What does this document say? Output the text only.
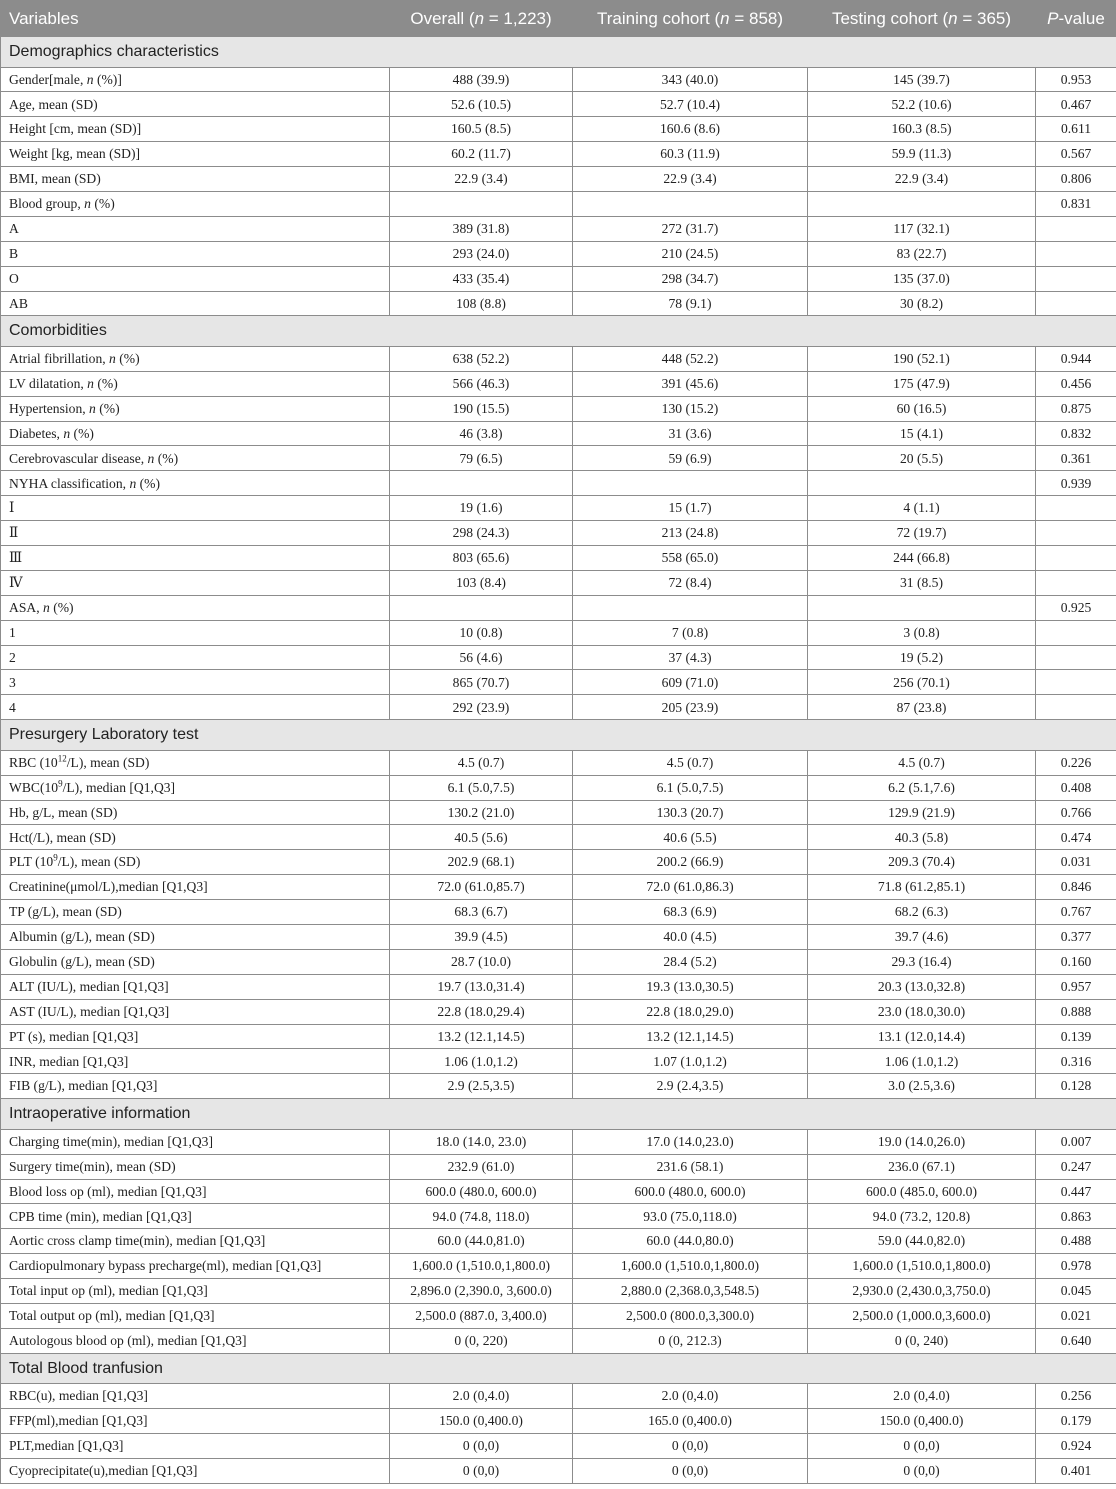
Variables	Overall (n = 1,223)	Training cohort (n = 858)	Testing cohort (n = 365)	P-value
Demographics characteristics				
Gender[male, n (%)]	488 (39.9)	343 (40.0)	145 (39.7)	0.953
Age, mean (SD)	52.6 (10.5)	52.7 (10.4)	52.2 (10.6)	0.467
Height [cm, mean (SD)]	160.5 (8.5)	160.6 (8.6)	160.3 (8.5)	0.611
Weight [kg, mean (SD)]	60.2 (11.7)	60.3 (11.9)	59.9 (11.3)	0.567
BMI, mean (SD)	22.9 (3.4)	22.9 (3.4)	22.9 (3.4)	0.806
Blood group, n (%)				0.831
A	389 (31.8)	272 (31.7)	117 (32.1)	
B	293 (24.0)	210 (24.5)	83 (22.7)	
O	433 (35.4)	298 (34.7)	135 (37.0)	
AB	108 (8.8)	78 (9.1)	30 (8.2)	
Comorbidities				
Atrial fibrillation, n (%)	638 (52.2)	448 (52.2)	190 (52.1)	0.944
LV dilatation, n (%)	566 (46.3)	391 (45.6)	175 (47.9)	0.456
Hypertension, n (%)	190 (15.5)	130 (15.2)	60 (16.5)	0.875
Diabetes, n (%)	46 (3.8)	31 (3.6)	15 (4.1)	0.832
Cerebrovascular disease, n (%)	79 (6.5)	59 (6.9)	20 (5.5)	0.361
NYHA classification, n (%)				0.939
Ⅰ	19 (1.6)	15 (1.7)	4 (1.1)	
Ⅱ	298 (24.3)	213 (24.8)	72 (19.7)	
Ⅲ	803 (65.6)	558 (65.0)	244 (66.8)	
Ⅳ	103 (8.4)	72 (8.4)	31 (8.5)	
ASA, n (%)				0.925
1	10 (0.8)	7 (0.8)	3 (0.8)	
2	56 (4.6)	37 (4.3)	19 (5.2)	
3	865 (70.7)	609 (71.0)	256 (70.1)	
4	292 (23.9)	205 (23.9)	87 (23.8)	
Presurgery Laboratory test				
RBC $(10^{12}/L)$, mean (SD)	4.5 (0.7)	4.5 (0.7)	4.5 (0.7)	0.226
$WBC(10^9/L)$, median [Q1,Q3]	6.1 (5.0,7.5)	6.1 (5.0,7.5)	6.2 (5.1,7.6)	0.408
Hb, g/L, mean (SD)	130.2 (21.0)	130.3 (20.7)	129.9 (21.9)	0.766
Hct(/L), mean (SD)	40.5 (5.6)	40.6 (5.5)	40.3 (5.8)	0.474
PLT $(10^9/L)$, mean (SD)	202.9 (68.1)	200.2 (66.9)	209.3 (70.4)	0.031
Creatinine(μmol/L),median [Q1,Q3]	72.0 (61.0,85.7)	72.0 (61.0,86.3)	71.8 (61.2,85.1)	0.846
TP (g/L), mean (SD)	68.3 (6.7)	68.3 (6.9)	68.2 (6.3)	0.767
Albumin (g/L), mean (SD)	39.9 (4.5)	40.0 (4.5)	39.7 (4.6)	0.377
Globulin (g/L), mean (SD)	28.7 (10.0)	28.4 (5.2)	29.3 (16.4)	0.160
ALT (IU/L), median [Q1,Q3]	19.7 (13.0,31.4)	19.3 (13.0,30.5)	20.3 (13.0,32.8)	0.957
AST (IU/L), median [Q1,Q3]	22.8 (18.0,29.4)	22.8 (18.0,29.0)	23.0 (18.0,30.0)	0.888
PT (s), median [Q1,Q3]	13.2 (12.1,14.5)	13.2 (12.1,14.5)	13.1 (12.0,14.4)	0.139
INR, median [Q1,Q3]	1.06 (1.0,1.2)	1.07 (1.0,1.2)	1.06 (1.0,1.2)	0.316
FIB (g/L), median [Q1,Q3]	2.9 (2.5,3.5)	2.9 (2.4,3.5)	3.0 (2.5,3.6)	0.128
Intraoperative information				
Charging time(min), median [Q1,Q3]	18.0 (14.0, 23.0)	17.0 (14.0,23.0)	19.0 (14.0,26.0)	0.007
Surgery time(min), mean (SD)	232.9 (61.0)	231.6 (58.1)	236.0 (67.1)	0.247
Blood loss op (ml), median [Q1,Q3]	600.0 (480.0, 600.0)	600.0 (480.0, 600.0)	600.0 (485.0, 600.0)	0.447
CPB time (min), median [Q1,Q3]	94.0 (74.8, 118.0)	93.0 (75.0,118.0)	94.0 (73.2, 120.8)	0.863
Aortic cross clamp time(min), median [Q1,Q3]	60.0 (44.0,81.0)	60.0 (44.0,80.0)	59.0 (44.0,82.0)	0.488
Cardiopulmonary bypass precharge(ml), median [Q1,Q3]	1,600.0 (1,510.0,1,800.0)	1,600.0 (1,510.0,1,800.0)	1,600.0 (1,510.0,1,800.0)	0.978
Total input op (ml), median [Q1,Q3]	2,896.0 (2,390.0, 3,600.0)	2,880.0 (2,368.0,3,548.5)	2,930.0 (2,430.0,3,750.0)	0.045
Total output op (ml), median [Q1,Q3]	2,500.0 (887.0, 3,400.0)	2,500.0 (800.0,3,300.0)	2,500.0 (1,000.0,3,600.0)	0.021
Autologous blood op (ml), median [Q1,Q3]	0 (0, 220)	0 (0, 212.3)	0 (0, 240)	0.640
Total Blood tranfusion				
RBC(u), median [Q1,Q3]	2.0 (0,4.0)	2.0 (0,4.0)	2.0 (0,4.0)	0.256
FFP(ml),median [Q1,Q3]	150.0 (0,400.0)	165.0 (0,400.0)	150.0 (0,400.0)	0.179
PLT,median [Q1,Q3]	0 (0,0)	0 (0,0)	0 (0,0)	0.924
Cyoprecipitate(u),median [Q1,Q3]	0 (0,0)	0 (0,0)	0 (0,0)	0.401
